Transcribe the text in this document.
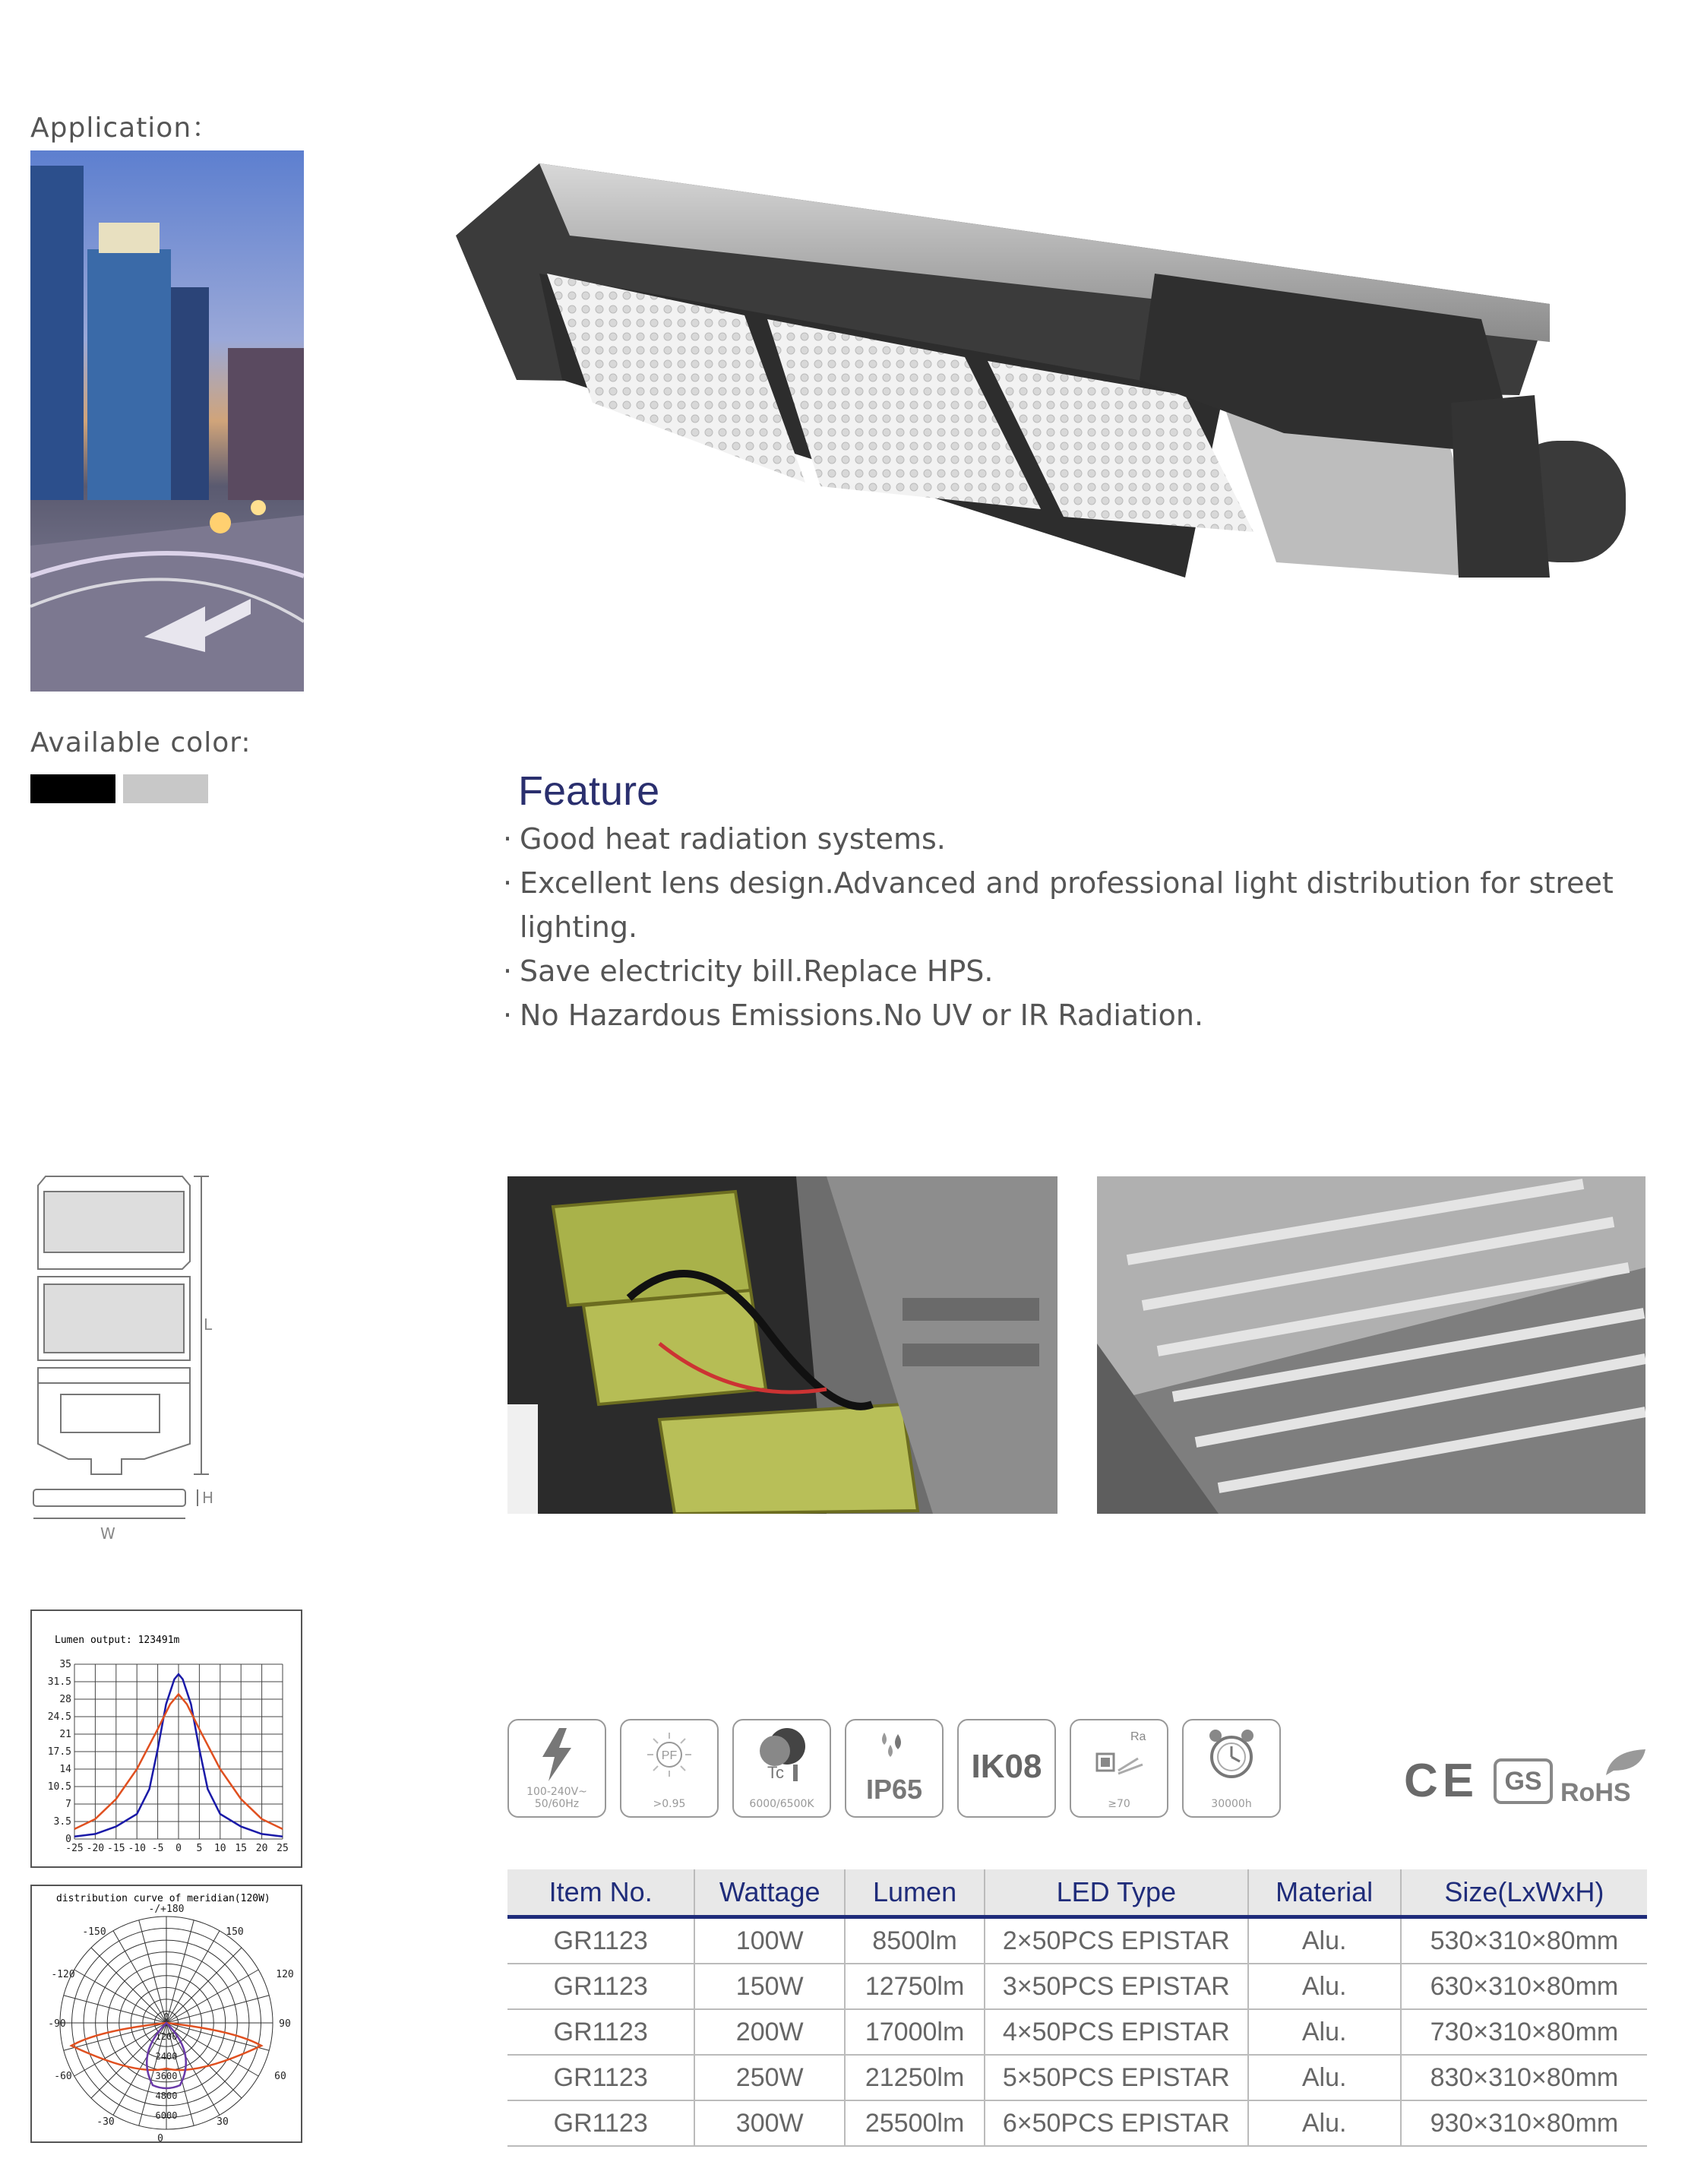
Application：
Available color:
Feature
· Good heat radiation systems.
· Excellent lens design.Advanced and professional light distribution for street lighting.
· Save electricity bill.Replace HPS.
· No Hazardous Emissions.No UV or IR Radiation.
L
H
W
Lumen output: 123491m
35
31.5
28
24.5
21
17.5
14
10.5
7
3.5
0
-25 -20 -15 -10 -5 0 5 10 15 20 25
distribution curve of meridian(120W)
-/+180
-150	150
-120	120
-90	90
-60	60
-30	30
0
1200
2400
3600
4800
6000
0
100-240V~
50/60Hz
PF
>0.95
Tc
6000/6500K	IP65
IK08
Ra
≥70	30000h	CE	GS RoHS
Item No.	Wattage	Lumen	LED Type	Material	Size(LxWxH)
GR1123	100W	8500lm	2×50PCS EPISTAR	Alu.	530×310×80mm
GR1123	150W	12750lm	3×50PCS EPISTAR	Alu.	630×310×80mm
GR1123	200W	17000lm	4×50PCS EPISTAR	Alu.	730×310×80mm
GR1123	250W	21250lm	5×50PCS EPISTAR	Alu.	830×310×80mm
GR1123	300W	25500lm	6×50PCS EPISTAR	Alu.	930×310×80mm
